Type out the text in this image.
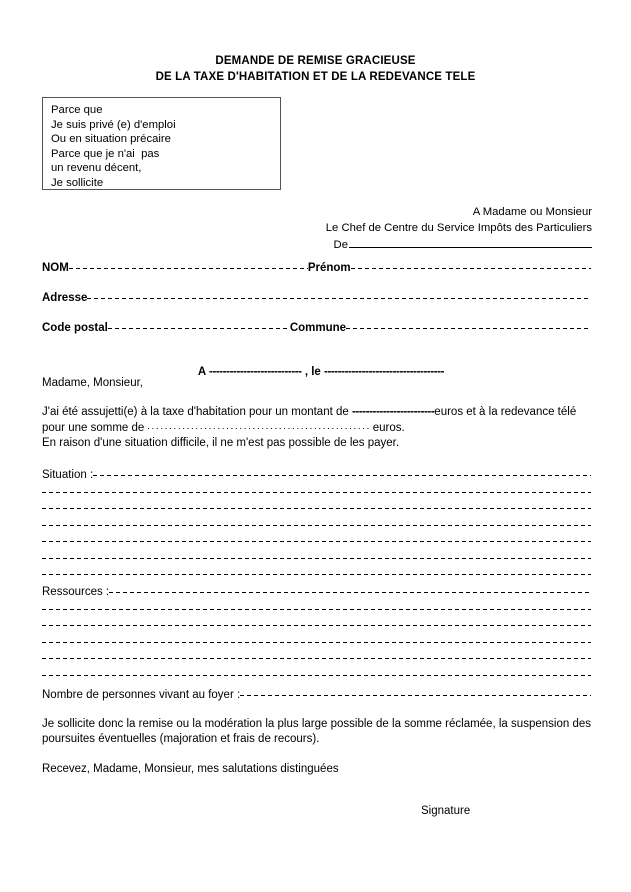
DEMANDE DE REMISE GRACIEUSE
DE LA TAXE D'HABITATION ET DE LA REDEVANCE TELE
Parce que
Je suis privé (e) d'emploi
Ou en situation précaire
Parce que je n'ai  pas
un revenu décent,
Je sollicite
A Madame ou Monsieur
Le Chef de Centre du Service Impôts des Particuliers
De
NOM	Prénom
Adresse
Code postal	Commune
A --------------------------- , le -----------------------------------
Madame, Monsieur,
J'ai été assujetti(e) à la taxe d'habitation pour un montant de ------------------------euros et à la redevance télé pour une somme de	euros.
En raison d'une situation difficile, il ne m'est pas possible de les payer.
Situation :
Ressources :
Nombre de personnes vivant au foyer :
Je sollicite donc la remise ou la modération la plus large possible de la somme réclamée, la suspension des poursuites éventuelles (majoration et frais de recours).
Recevez, Madame, Monsieur, mes salutations distinguées
Signature
